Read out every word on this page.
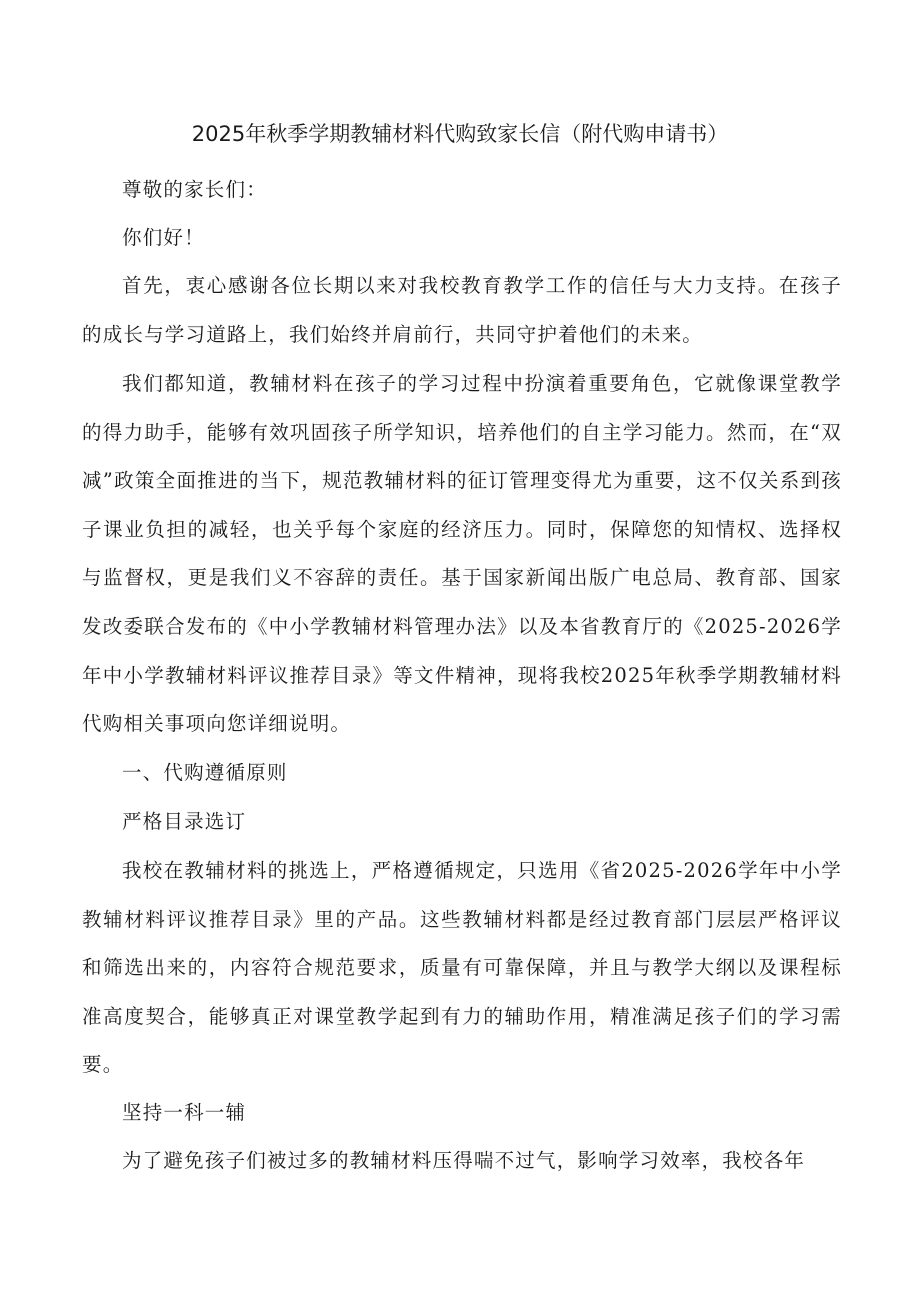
2025年秋季学期教辅材料代购致家长信（附代购申请书）

尊敬的家长们：

你们好！

首先，衷心感谢各位长期以来对我校教育教学工作的信任与大力支持。在孩子的成长与学习道路上，我们始终并肩前行，共同守护着他们的未来。

我们都知道，教辅材料在孩子的学习过程中扮演着重要角色，它就像课堂教学的得力助手，能够有效巩固孩子所学知识，培养他们的自主学习能力。然而，在“双减”政策全面推进的当下，规范教辅材料的征订管理变得尤为重要，这不仅关系到孩子课业负担的减轻，也关乎每个家庭的经济压力。同时，保障您的知情权、选择权与监督权，更是我们义不容辞的责任。基于国家新闻出版广电总局、教育部、国家发改委联合发布的《中小学教辅材料管理办法》以及本省教育厅的《2025-2026学年中小学教辅材料评议推荐目录》等文件精神，现将我校2025年秋季学期教辅材料代购相关事项向您详细说明。

一、代购遵循原则

严格目录选订

我校在教辅材料的挑选上，严格遵循规定，只选用《省2025-2026学年中小学教辅材料评议推荐目录》里的产品。这些教辅材料都是经过教育部门层层严格评议和筛选出来的，内容符合规范要求，质量有可靠保障，并且与教学大纲以及课程标准高度契合，能够真正对课堂教学起到有力的辅助作用，精准满足孩子们的学习需要。

坚持一科一辅

为了避免孩子们被过多的教辅材料压得喘不过气，影响学习效率，我校各年
